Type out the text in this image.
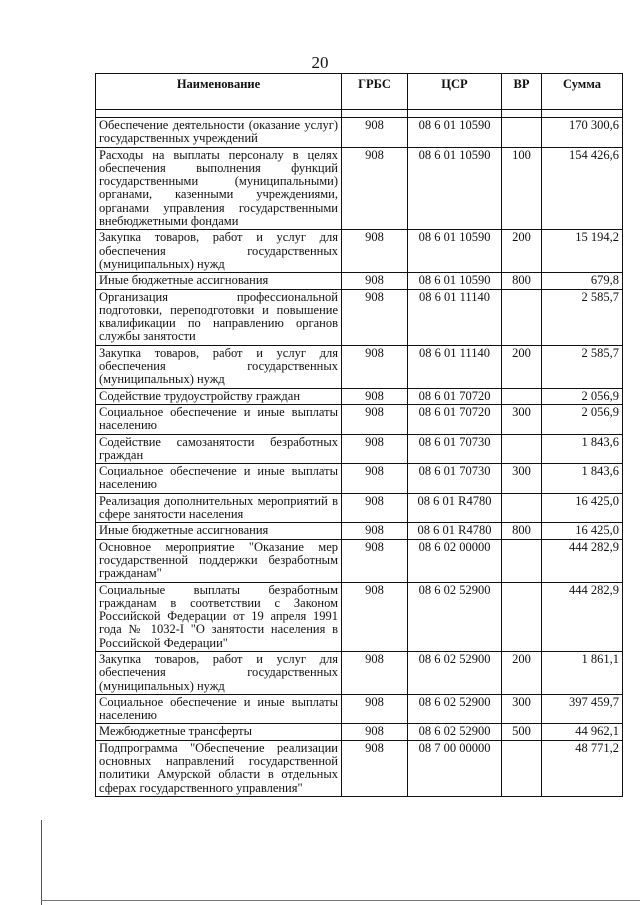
20
Наименование	ГРБС	ЦСР	ВР	Сумма

Обеспечение деятельности (оказание услуг) государственных учреждений	908	08 6 01 10590		170 300,6
Расходы на выплаты персоналу в целях обеспечения выполнения функций государственными (муниципальными) органами, казенными учреждениями, органами управления государственными внебюджетными фондами	908	08 6 01 10590	100	154 426,6
Закупка товаров, работ и услуг для обеспечения государственных (муниципальных) нужд	908	08 6 01 10590	200	15 194,2
Иные бюджетные ассигнования	908	08 6 01 10590	800	679,8
Организация профессиональной подготовки, переподготовки и повышение квалификации по направлению органов службы занятости	908	08 6 01 11140		2 585,7
Закупка товаров, работ и услуг для обеспечения государственных (муниципальных) нужд	908	08 6 01 11140	200	2 585,7
Содействие трудоустройству граждан	908	08 6 01 70720		2 056,9
Социальное обеспечение и иные выплаты населению	908	08 6 01 70720	300	2 056,9
Содействие самозанятости безработных граждан	908	08 6 01 70730		1 843,6
Социальное обеспечение и иные выплаты населению	908	08 6 01 70730	300	1 843,6
Реализация дополнительных мероприятий в сфере занятости населения	908	08 6 01 R4780		16 425,0
Иные бюджетные ассигнования	908	08 6 01 R4780	800	16 425,0
Основное мероприятие "Оказание мер государственной поддержки безработным гражданам"	908	08 6 02 00000		444 282,9
Социальные выплаты безработным гражданам в соответствии с Законом Российской Федерации от 19 апреля 1991 года № 1032-I "О занятости населения в Российской Федерации"	908	08 6 02 52900		444 282,9
Закупка товаров, работ и услуг для обеспечения государственных (муниципальных) нужд	908	08 6 02 52900	200	1 861,1
Социальное обеспечение и иные выплаты населению	908	08 6 02 52900	300	397 459,7
Межбюджетные трансферты	908	08 6 02 52900	500	44 962,1
Подпрограмма "Обеспечение реализации основных направлений государственной политики Амурской области в отдельных сферах государственного управления"	908	08 7 00 00000		48 771,2
